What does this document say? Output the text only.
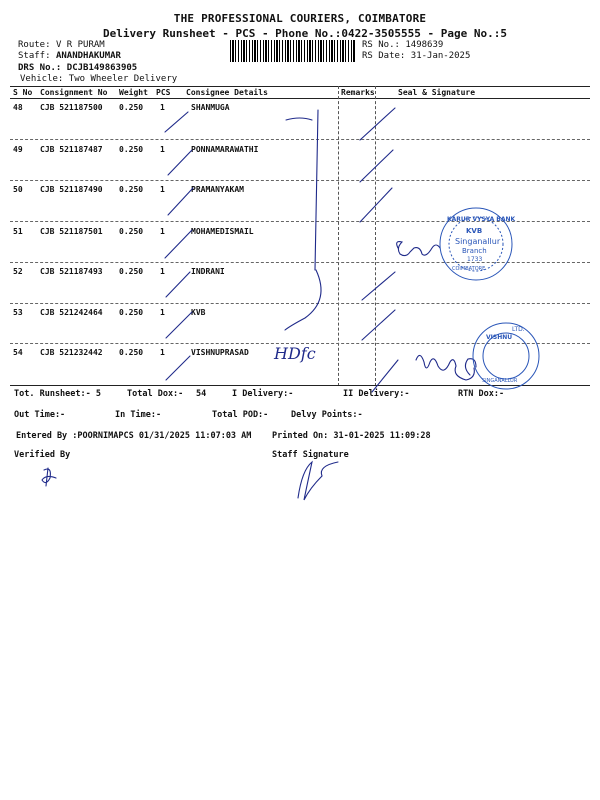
THE PROFESSIONAL COURIERS, COIMBATORE
Delivery Runsheet - PCS - Phone No.:0422-3505555 - Page No.:5
Route: V R PURAM
Staff: ANANDHAKUMAR
DRS No.: DCJB149863905
Vehicle: Two Wheeler Delivery
RS No.: 1498639
RS Date: 31-Jan-2025
S No Consignment No Weight PCS Consignee Details	Remarks	Seal & Signature
48 CJB 521187500 0.250 1	SHANMUGA
49 CJB 521187487 0.250 1	PONNAMARAWATHI
50 CJB 521187490 0.250 1	PRAMANYAKAM
51 CJB 521187501 0.250 1	MOHAMEDISMAIL
52 CJB 521187493 0.250 1	INDRANI
53 CJB 521242464 0.250 1	KVB
54 CJB 521232442 0.250 1	VISHNUPRASAD
KARUR VYSYA BANK
KVB
Singanallur
Branch
1733
COIMBATORE
VISHNU
LTD.
SINGANALLUR
HDfc
Tot. Runsheet:- 5	Total Dox:- 54	I Delivery:-	II Delivery:-	RTN Dox:-
Out Time:-	In Time:-	Total POD:-	Delvy Points:-
Entered By :POORNIMAPCS 01/31/2025 11:07:03 AM Printed On: 31-01-2025 11:09:28
Verified By	Staff Signature
